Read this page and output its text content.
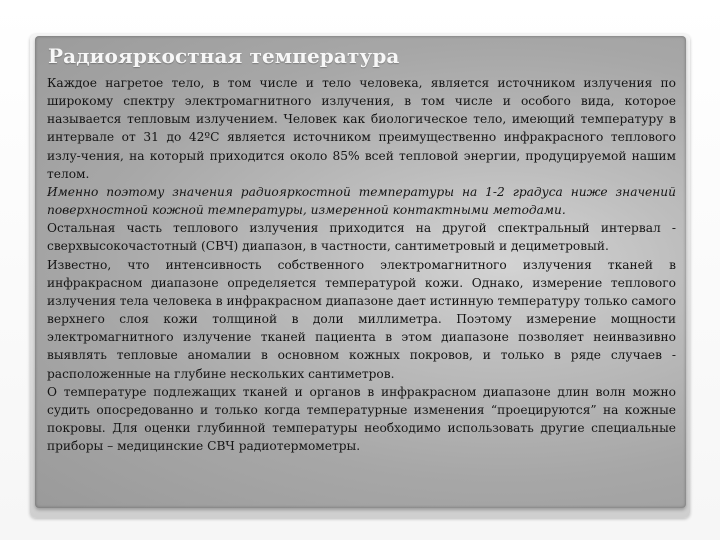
Радиояркостная температура

Каждое нагретое тело, в том числе и тело человека, является источником излучения по широкому спектру электромагнитного излучения, в том числе и особого вида, которое называется тепловым излучением. Человек как биологическое тело, имеющий температуру в интервале от 31 до 42ºС является источником преимущественно инфракрасного теплового излу-чения, на который приходится около 85% всей тепловой энергии, продуцируемой нашим телом.

Именно поэтому значения радиояркостной температуры на 1-2 градуса ниже значений поверхностной кожной температуры, измеренной контактными методами.

Остальная часть теплового излучения приходится на другой спектральный интервал - сверхвысокочастотный (СВЧ) диапазон, в частности, сантиметровый и дециметровый.

Известно, что интенсивность собственного электромагнитного излучения тканей в инфракрасном диапазоне определяется температурой кожи. Однако, измерение теплового излучения тела человека в инфракрасном диапазоне дает истинную температуру только самого верхнего слоя кожи толщиной в доли миллиметра. Поэтому измерение мощности электромагнитного излучение тканей пациента в этом диапазоне позволяет неинвазивно выявлять тепловые аномалии в основном кожных покровов, и только в ряде случаев - расположенные на глубине нескольких сантиметров.

О температуре подлежащих тканей и органов в инфракрасном диапазоне длин волн можно судить опосредованно и только когда температурные изменения “проецируются” на кожные покровы. Для оценки глубинной температуры необходимо использовать другие специальные приборы – медицинские СВЧ радиотермометры.
